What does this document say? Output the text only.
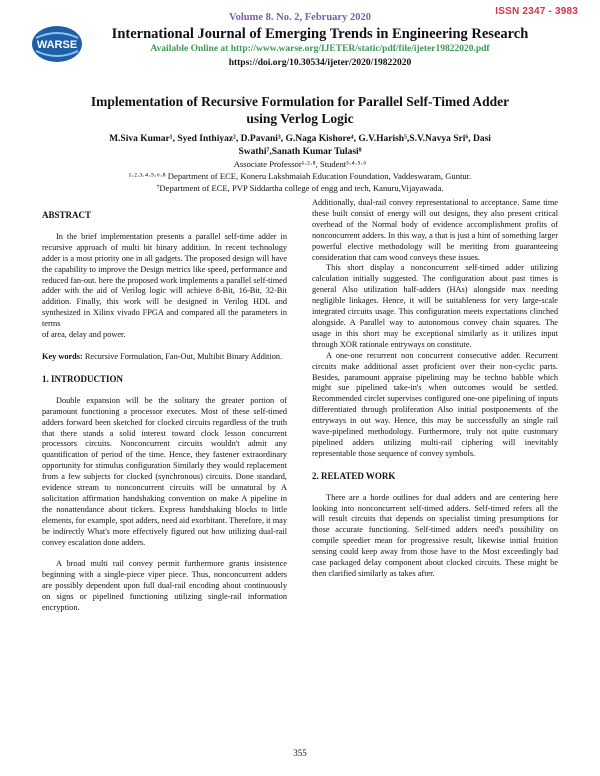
ISSN 2347 - 3983
WARSE
Volume 8. No. 2, February 2020
International Journal of Emerging Trends in Engineering Research
Available Online at http://www.warse.org/IJETER/static/pdf/file/ijeter19822020.pdf
https://doi.org/10.30534/ijeter/2020/19822020
Implementation of Recursive Formulation for Parallel Self-Timed Adder
using Verlog Logic
M.Siva Kumar¹, Syed Inthiyaz², D.Pavani³, G.Naga Kishore⁴, G.V.Harish⁵,S.V.Navya Sri⁶, Dasi
Swathi⁷,Sanath Kumar Tulasi⁸
Associate Professor¹·²·⁸, Student³·⁴·⁵·⁶
¹·²·³·⁴·⁵·⁶·⁸ Department of ECE, Koneru Lakshmaiah Education Foundation, Vaddeswaram, Guntur.
⁷Department of ECE, PVP Siddartha college of engg and tech, Kanuru,Vijayawada.

ABSTRACT

In the brief implementation presents a parallel self-time adder in recursive approach of multi bit binary addition. In recent technology adder is a most priority one in all gadgets. The proposed design will have the capability to improve the Design metrics like speed, performance and reduced fan-out. here the proposed work implements a parallel self-timed adder with the aid of Verilog logic will achieve 8-Bit, 16-Bit, 32-Bit addition. Finally, this work will be designed in Verilog HDL and synthesized in Xilinx vivado FPGA and compared all the parameters in terms

of area, delay and power.

Key words: Recursive Formulation, Fan-Out, Multibit Binary Addition.

1. INTRODUCTION

Double expansion will be the solitary the greater portion of paramount functioning a processor executes. Most of these self-timed adders forward been sketched for clocked circuits regardless of the truth that there stands a solid interest toward clock lesson concurrent processors circuits. Nonconcurrent circuits wouldn't admit any quantification of period of the time. Hence, they fastener extraordinary opportunity for stimulus configuration Similarly they would replacement from a few subjects for clocked (synchronous) circuits. Done standard, evidence stream to nonconcurrent circuits will be unnatural by A solicitation affirmation handshaking convention on make A pipeline in the nonattendance about tickers. Express handshaking blocks to little elements, for example, spot adders, need aid exorbitant. Therefore, it may be indirectly What's more effectively figured out how utilizing dual-rail convey escalation done adders.

A broad multi rail convey permit furthermore grants insistence beginning with a single-piece viper piece. Thus, nonconcurrent adders are possibly dependent upon full dual-rail encoding about continuously on signs or pipelined functioning utilizing single-rail information encryption.

Additionally, dual-rail convey representational to acceptance. Same time these built consist of energy will out designs, they also present critical overhead of the Normal body of evidence accomplishment profits of nonconcurrent adders. In this way, a that is just a hint of something larger powerful elective methodology will be meriting from guaranteeing consideration that cam wood conveys these issues.

This short display a nonconcurrent self-timed adder utilizing calculation initially suggested. The configuration about past times is general Also utilization half-adders (HAs) alongside max needing negligible linkages. Hence, it will be suitableness for very large-scale integrated circuits usage. This configuration meets expectations clinched alongside. A Parallel way to autonomous convey chain squares. The usage in this short may be exceptional similarly as it utilizes input through XOR rationale entryways on constitute.

A one-one recurrent non concurrent consecutive adder. Recurrent circuits make additional asset proficient over their non-cyclic parts. Besides, paramount appraise pipelining may be techno babble which might sue pipelined take-in's when outcomes would be settled. Recommended circlet supervises configured one-one pipelining of inputs differentiated through proliferation Also initial postponements of the entryways in out way. Hence, this may be successfully an single rail wave-pipelined methodology. Furthermore, truly not quite customary pipelined adders utilizing multi-rail ciphering will inevitably representable those sequence of convey symbols.

2. RELATED WORK

There are a horde outlines for dual adders and are centering here looking into nonconcurrent self-timed adders. Self-timed refers all the will result circuits that depends on specialist timing presumptions for those accurate functioning. Self-timed adders need's possibility on compile speedier mean for progressive result, likewise initial fruition sensing could keep away from those have to the Most exceedingly bad case packaged delay component about clocked circuits. These might be then clarified similarly as takes after.

355
